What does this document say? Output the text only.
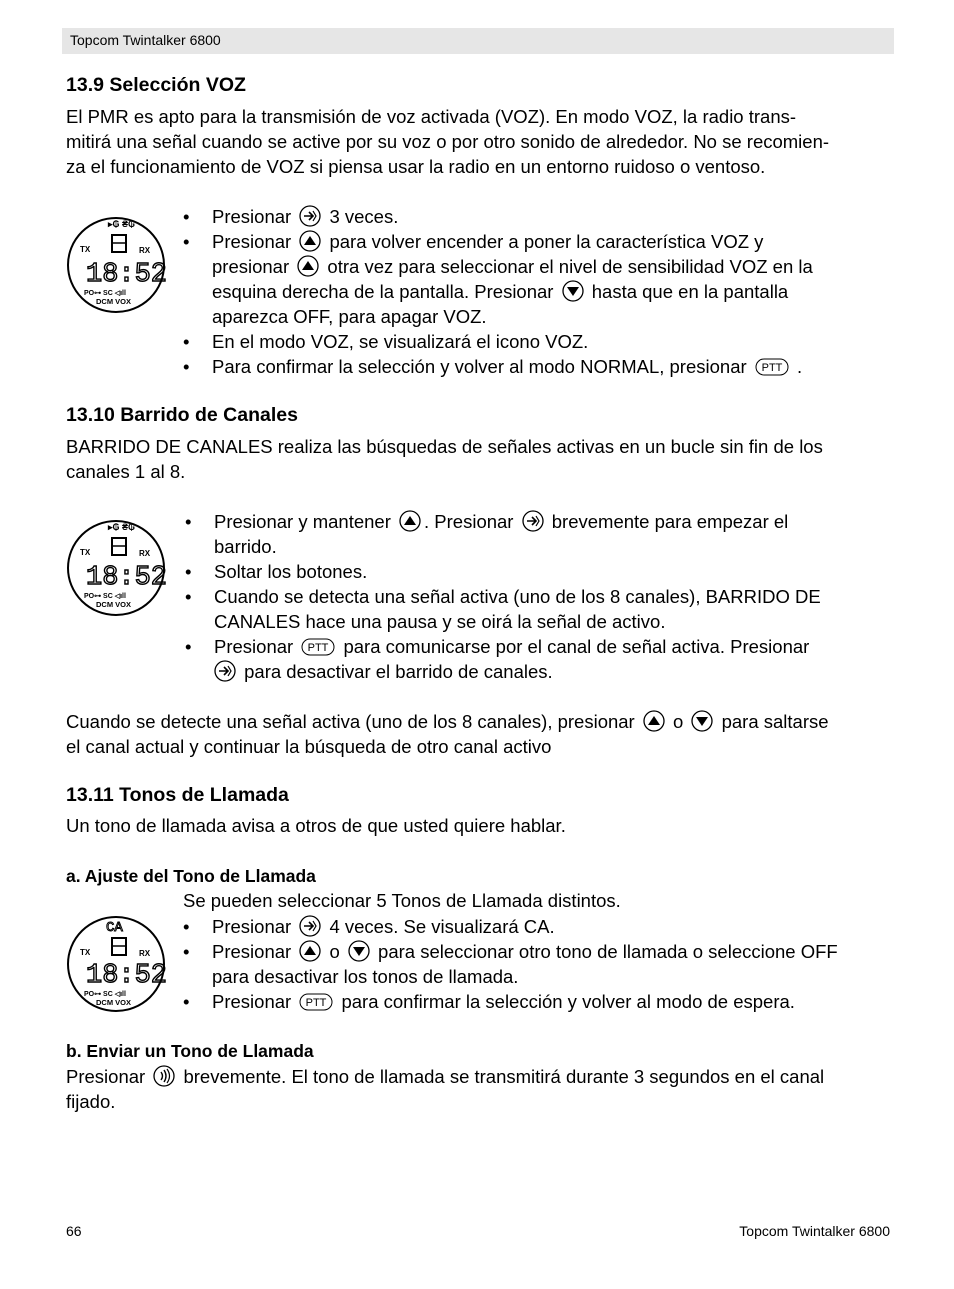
Topcom Twintalker 6800
13.9 Selección VOZ
El PMR es apto para la transmisión de voz activada (VOZ). En modo VOZ, la radio trans-
mitirá una señal cuando se active por su voz o por otro sonido de alrededor. No se recomien-
za el funcionamiento de VOZ si piensa usar la radio en un entorno ruidoso o ventoso.
▸₲ ₴₲
TX	RX
18:52
PO⊶ SC ◁ıll
DCM VOX
• Presionar 3 veces.
• Presionar para volver encender a poner la característica VOZ y
presionar otra vez para seleccionar el nivel de sensibilidad VOZ en la
esquina derecha de la pantalla. Presionar hasta que en la pantalla
aparezca OFF, para apagar VOZ.
• En el modo VOZ, se visualizará el icono VOZ.
• Para confirmar la selección y volver al modo NORMAL, presionar PTT .
13.10 Barrido de Canales
BARRIDO DE CANALES realiza las búsquedas de señales activas en un bucle sin fin de los
canales 1 al 8.
▸₲ ₴₲
TX	RX
18:52
PO⊶ SC ◁ıll
DCM VOX
• Presionar y mantener . Presionar brevemente para empezar el
barrido.
• Soltar los botones.
• Cuando se detecta una señal activa (uno de los 8 canales), BARRIDO DE
CANALES hace una pausa y se oirá la señal de activo.
• Presionar PTT para comunicarse por el canal de señal activa. Presionar

para desactivar el barrido de canales.
Cuando se detecte una señal activa (uno de los 8 canales), presionar o para saltarse
el canal actual y continuar la búsqueda de otro canal activo
13.11 Tonos de Llamada
Un tono de llamada avisa a otros de que usted quiere hablar.
a. Ajuste del Tono de Llamada
Se pueden seleccionar 5 Tonos de Llamada distintos.
CA
TX	RX
18:52
PO⊶ SC ◁ıll
DCM VOX
• Presionar 4 veces. Se visualizará CA.
• Presionar o para seleccionar otro tono de llamada o seleccione OFF
para desactivar los tonos de llamada.
• Presionar PTT para confirmar la selección y volver al modo de espera.
b. Enviar un Tono de Llamada
Presionar brevemente. El tono de llamada se transmitirá durante 3 segundos en el canal
fijado.
66	Topcom Twintalker 6800
